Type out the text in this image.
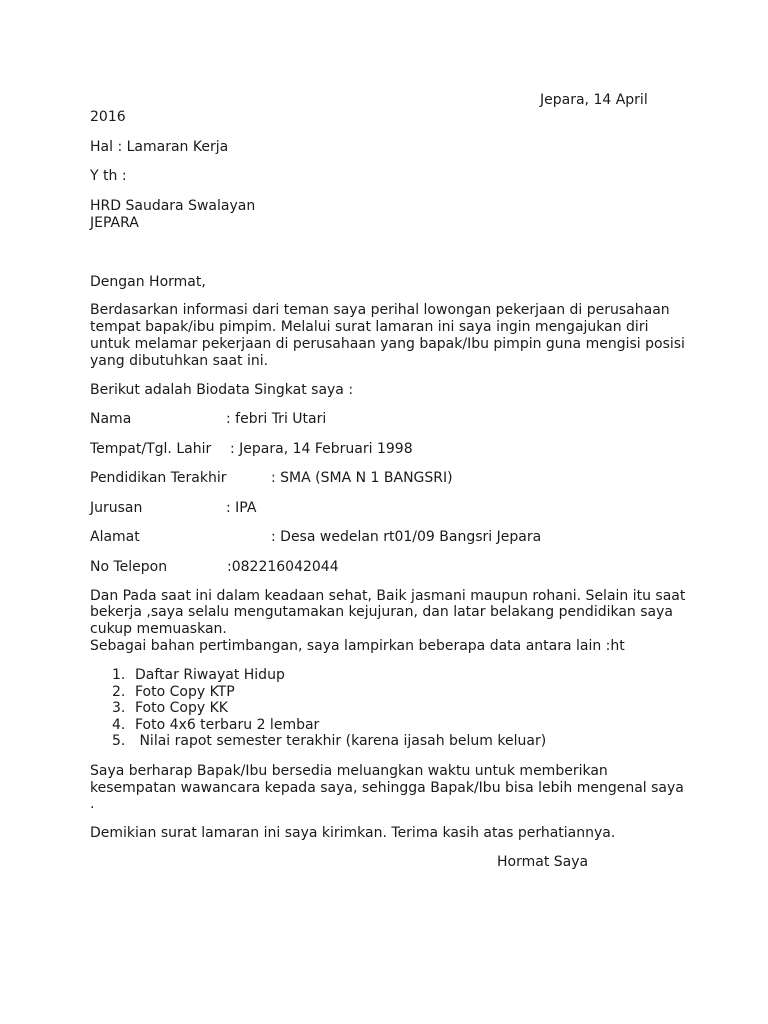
Jepara, 14 April
2016
Hal : Lamaran Kerja
Y th :
HRD Saudara Swalayan
JEPARA
Dengan Hormat,
Berdasarkan informasi dari teman saya perihal lowongan pekerjaan di perusahaan
tempat bapak/ibu pimpim. Melalui surat lamaran ini saya ingin mengajukan diri
untuk melamar pekerjaan di perusahaan yang bapak/Ibu pimpin guna mengisi posisi
yang dibutuhkan saat ini.
Berikut adalah Biodata Singkat saya :
Nama	: febri Tri Utari
Tempat/Tgl. Lahir : Jepara, 14 Februari 1998
Pendidikan Terakhir	: SMA (SMA N 1 BANGSRI)
Jurusan	: IPA
Alamat	: Desa wedelan rt01/09 Bangsri Jepara
No Telepon	:082216042044
Dan Pada saat ini dalam keadaan sehat, Baik jasmani maupun rohani. Selain itu saat
bekerja ,saya selalu mengutamakan kejujuran, dan latar belakang pendidikan saya
cukup memuaskan.
Sebagai bahan pertimbangan, saya lampirkan beberapa data antara lain :ht
1. Daftar Riwayat Hidup
2. Foto Copy KTP
3. Foto Copy KK
4. Foto 4x6 terbaru 2 lembar
5. Nilai rapot semester terakhir (karena ijasah belum keluar)
Saya berharap Bapak/Ibu bersedia meluangkan waktu untuk memberikan
kesempatan wawancara kepada saya, sehingga Bapak/Ibu bisa lebih mengenal saya
.
Demikian surat lamaran ini saya kirimkan. Terima kasih atas perhatiannya.
Hormat Saya
